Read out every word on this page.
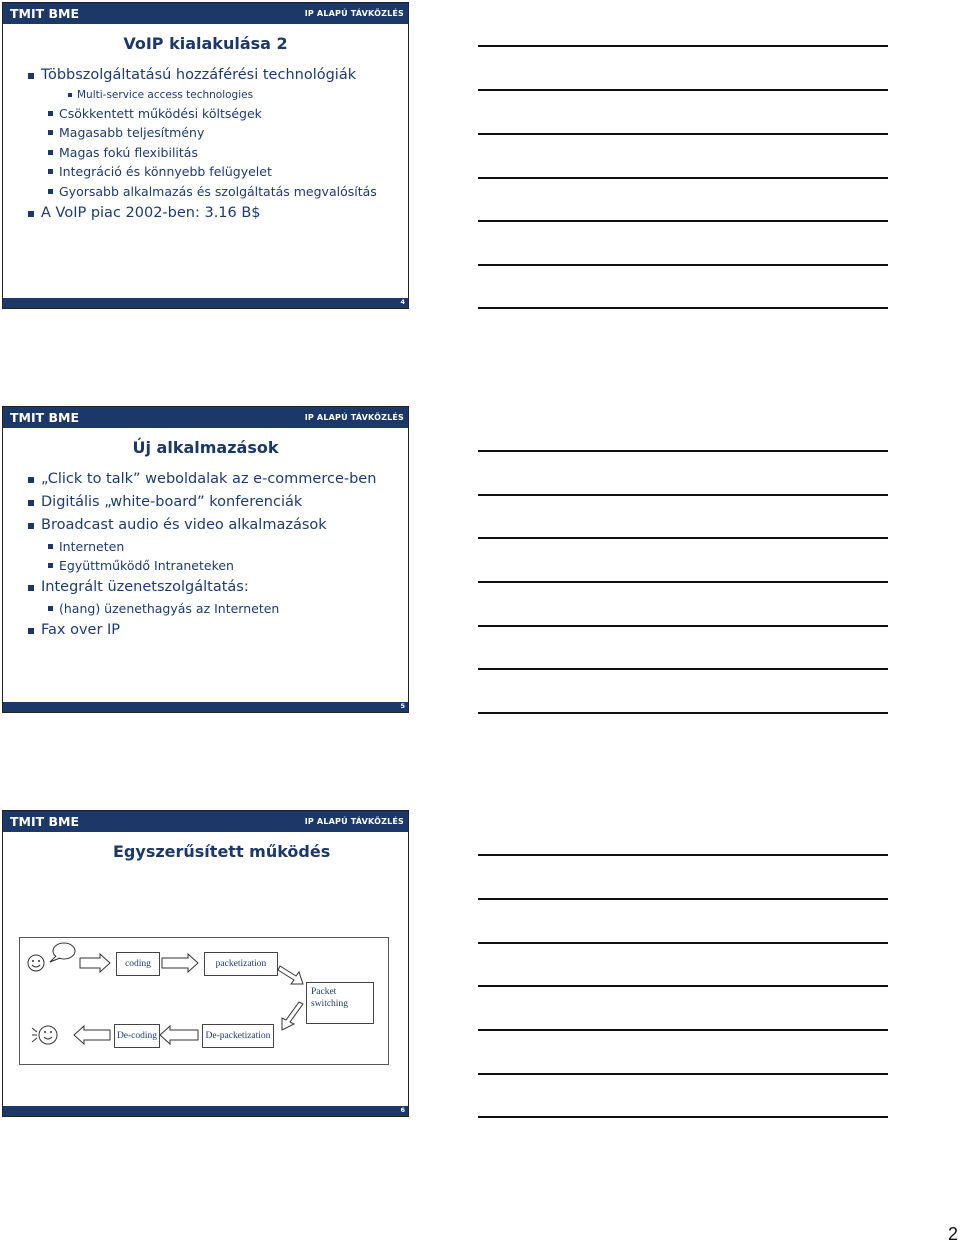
TMIT BME	IP ALAPÚ TÁVKÖZLÉS
VoIP kialakulása 2
Többszolgáltatású hozzáférési technológiák
Multi-service access technologies
Csökkentett működési költségek
Magasabb teljesítmény
Magas fokú flexibilitás
Integráció és könnyebb felügyelet
Gyorsabb alkalmazás és szolgáltatás megvalósítás
A VoIP piac 2002-ben: 3.16 B$
4
TMIT BME	IP ALAPÚ TÁVKÖZLÉS
Új alkalmazások
„Click to talk” weboldalak az e-commerce-ben
Digitális „white-board” konferenciák
Broadcast audio és video alkalmazások
Interneten
Együttműködő Intraneteken
Integrált üzenetszolgáltatás:
(hang) üzenethagyás az Interneten
Fax over IP
5
TMIT BME	IP ALAPÚ TÁVKÖZLÉS
Egyszerűsített működés
coding	packetization
Packet
switching
De-packetization
De-coding
6
2
